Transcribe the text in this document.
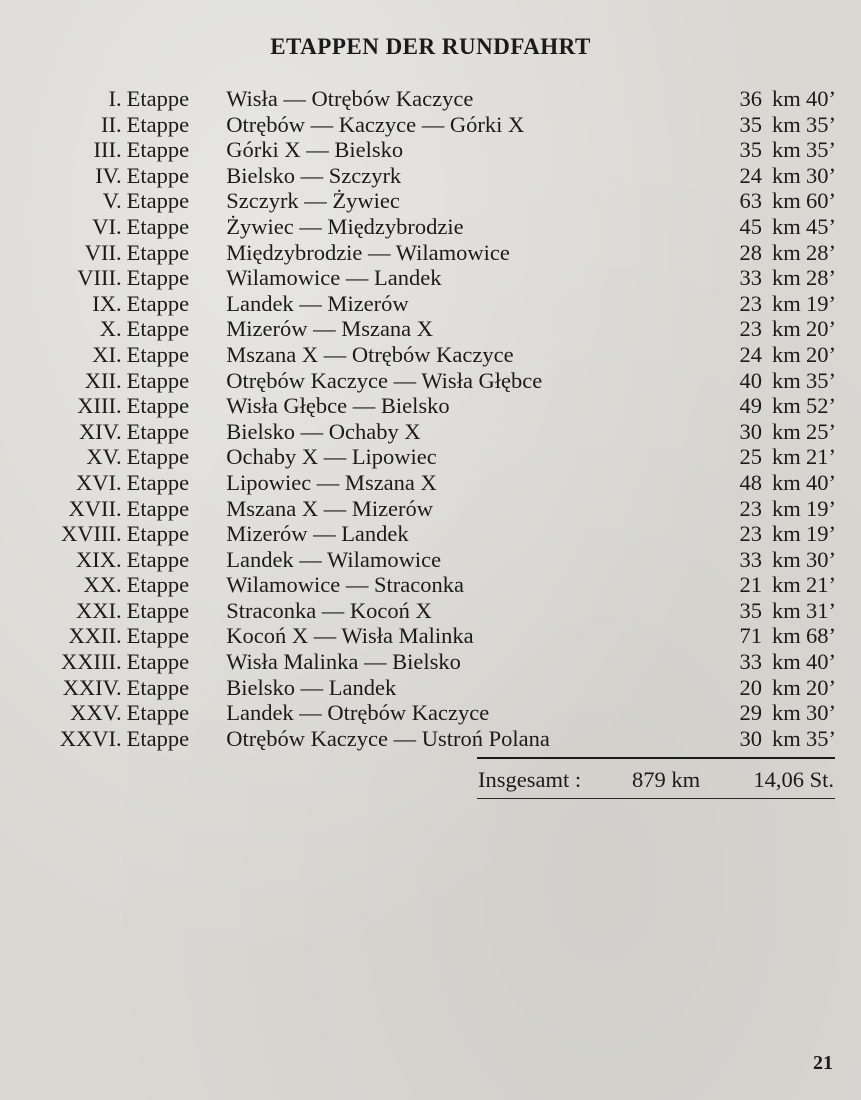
ETAPPEN DER RUNDFAHRT
I.	Etappe	Wisła — Otrębów Kaczyce	36	km	40’
II.	Etappe	Otrębów — Kaczyce — Górki X	35	km	35’
III.	Etappe	Górki X — Bielsko	35	km	35’
IV.	Etappe	Bielsko — Szczyrk	24	km	30’
V.	Etappe	Szczyrk — Żywiec	63	km	60’
VI.	Etappe	Żywiec — Międzybrodzie	45	km	45’
VII.	Etappe	Międzybrodzie — Wilamowice	28	km	28’
VIII.	Etappe	Wilamowice — Landek	33	km	28’
IX.	Etappe	Landek — Mizerów	23	km	19’
X.	Etappe	Mizerów — Mszana X	23	km	20’
XI.	Etappe	Mszana X — Otrębów Kaczyce	24	km	20’
XII.	Etappe	Otrębów Kaczyce — Wisła Głębce	40	km	35’
XIII.	Etappe	Wisła Głębce — Bielsko	49	km	52’
XIV.	Etappe	Bielsko — Ochaby X	30	km	25’
XV.	Etappe	Ochaby X — Lipowiec	25	km	21’
XVI.	Etappe	Lipowiec — Mszana X	48	km	40’
XVII.	Etappe	Mszana X — Mizerów	23	km	19’
XVIII.	Etappe	Mizerów — Landek	23	km	19’
XIX.	Etappe	Landek — Wilamowice	33	km	30’
XX.	Etappe	Wilamowice — Straconka	21	km	21’
XXI.	Etappe	Straconka — Kocoń X	35	km	31’
XXII.	Etappe	Kocoń X — Wisła Malinka	71	km	68’
XXIII.	Etappe	Wisła Malinka — Bielsko	33	km	40’
XXIV.	Etappe	Bielsko — Landek	20	km	20’
XXV.	Etappe	Landek — Otrębów Kaczyce	29	km	30’
XXVI.	Etappe	Otrębów Kaczyce — Ustroń Polana	30	km	35’
Insgesamt : 879 km 14,06 St.
21
